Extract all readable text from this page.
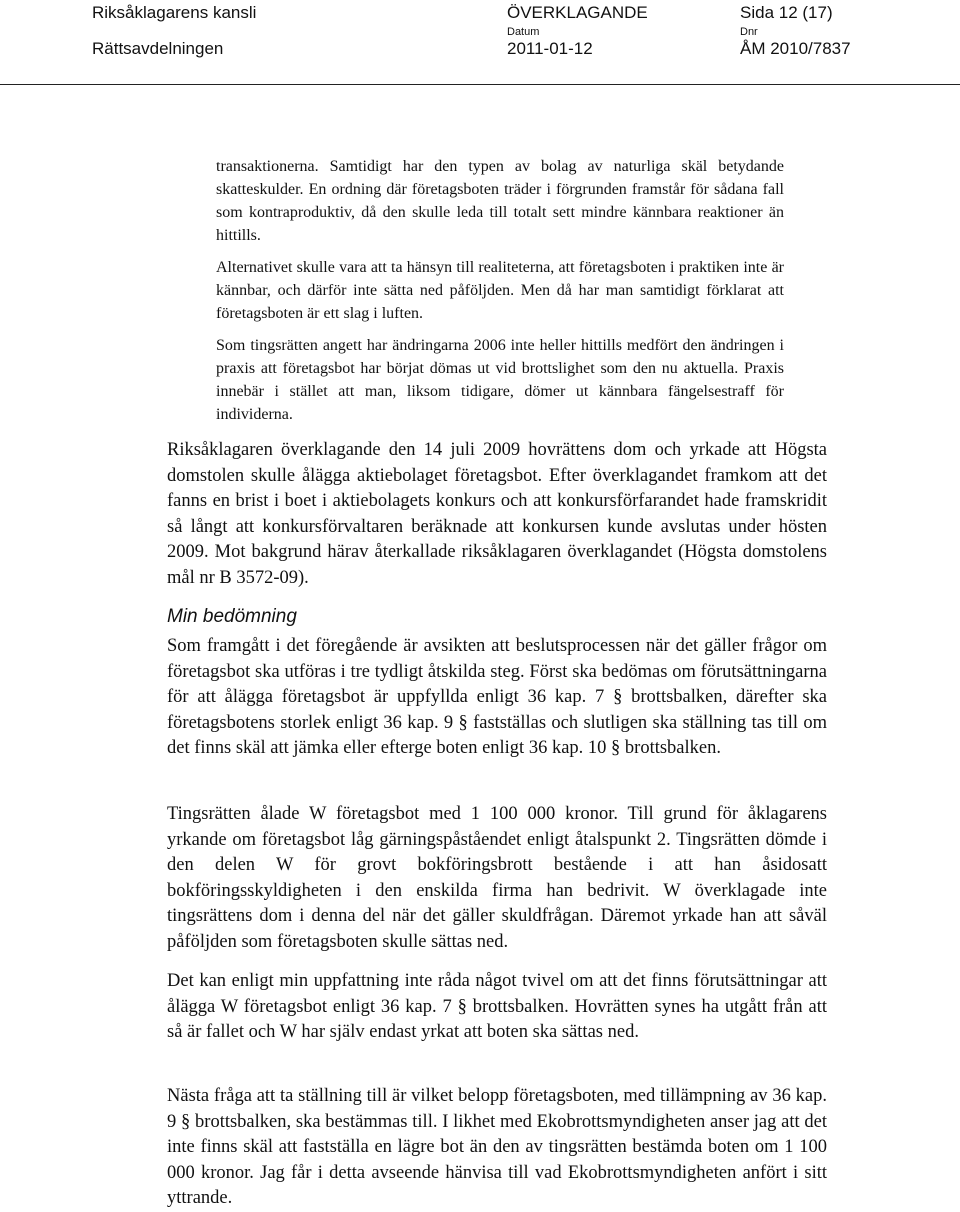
Riksåklagarens kansli
Rättsavdelningen
ÖVERKLAGANDE	Sida 12 (17)
Datum
2011-01-12
Dnr
ÅM 2010/7837

transaktionerna. Samtidigt har den typen av bolag av naturliga skäl betydande skatteskulder. En ordning där företagsboten träder i förgrunden framstår för sådana fall som kontraproduktiv, då den skulle leda till totalt sett mindre kännbara reaktioner än hittills.

Alternativet skulle vara att ta hänsyn till realiteterna, att företagsboten i praktiken inte är kännbar, och därför inte sätta ned påföljden. Men då har man samtidigt förklarat att företagsboten är ett slag i luften.

Som tingsrätten angett har ändringarna 2006 inte heller hittills medfört den ändringen i praxis att företagsbot har börjat dömas ut vid brottslighet som den nu aktuella. Praxis innebär i stället att man, liksom tidigare, dömer ut kännbara fängelsestraff för individerna.

Riksåklagaren överklagande den 14 juli 2009 hovrättens dom och yrkade att Högsta domstolen skulle ålägga aktiebolaget företagsbot. Efter överklagandet framkom att det fanns en brist i boet i aktiebolagets konkurs och att konkursförfarandet hade framskridit så långt att konkursförvaltaren beräknade att konkursen kunde avslutas under hösten 2009. Mot bakgrund härav återkallade riksåklagaren överklagandet (Högsta domstolens mål nr B 3572-09).

Min bedömning

Som framgått i det föregående är avsikten att beslutsprocessen när det gäller frågor om företagsbot ska utföras i tre tydligt åtskilda steg. Först ska bedömas om förutsättningarna för att ålägga företagsbot är uppfyllda enligt 36 kap. 7 § brottsbalken, därefter ska företagsbotens storlek enligt 36 kap. 9 § fastställas och slutligen ska ställning tas till om det finns skäl att jämka eller efterge boten enligt 36 kap. 10 § brottsbalken.

Tingsrätten ålade W företagsbot med 1 100 000 kronor. Till grund för åklagarens yrkande om företagsbot låg gärningspåståendet enligt åtalspunkt 2. Tingsrätten dömde i den delen W för grovt bokföringsbrott bestående i att han åsidosatt bokföringsskyldigheten i den enskilda firma han bedrivit. W överklagade inte tingsrättens dom i denna del när det gäller skuldfrågan. Däremot yrkade han att såväl påföljden som företagsboten skulle sättas ned.

Det kan enligt min uppfattning inte råda något tvivel om att det finns förutsättningar att ålägga W företagsbot enligt 36 kap. 7 § brottsbalken. Hovrätten synes ha utgått från att så är fallet och W har själv endast yrkat att boten ska sättas ned.

Nästa fråga att ta ställning till är vilket belopp företagsboten, med tillämpning av 36 kap. 9 § brottsbalken, ska bestämmas till. I likhet med Ekobrottsmyndigheten anser jag att det inte finns skäl att fastställa en lägre bot än den av tingsrätten bestämda boten om 1 100 000 kronor. Jag får i detta avseende hänvisa till vad Ekobrottsmyndigheten anfört i sitt yttrande.
